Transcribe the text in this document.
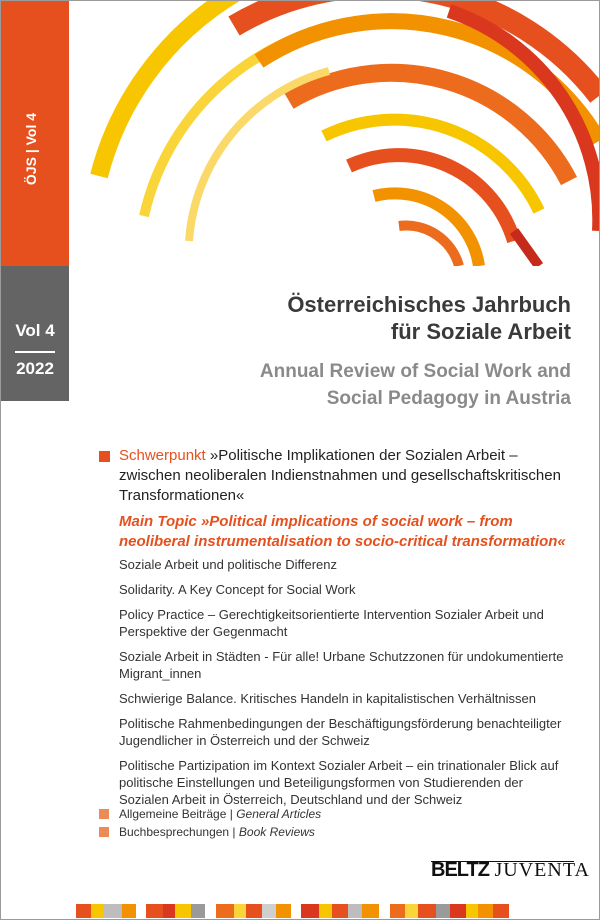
ÖJS | Vol 4
Vol 4
2022
Österreichisches Jahrbuch
für Soziale Arbeit
Annual Review of Social Work and
Social Pedagogy in Austria
Schwerpunkt »Politische Implikationen der Sozialen Arbeit – zwischen neoliberalen Indienstnahmen und gesellschaftskritischen Transformationen«
Main Topic »Political implications of social work – from neoliberal instrumentalisation to socio-critical transformation«
Soziale Arbeit und politische Differenz
Solidarity. A Key Concept for Social Work
Policy Practice – Gerechtigkeitsorientierte Intervention Sozialer Arbeit und Perspektive der Gegenmacht
Soziale Arbeit in Städten - Für alle! Urbane Schutzzonen für undokumentierte Migrant_innen
Schwierige Balance. Kritisches Handeln in kapitalistischen Verhältnissen
Politische Rahmenbedingungen der Beschäftigungsförderung benachteiligter Jugendlicher in Österreich und der Schweiz
Politische Partizipation im Kontext Sozialer Arbeit – ein trinationaler Blick auf politische Einstellungen und Beteiligungsformen von Studierenden der Sozialen Arbeit in Österreich, Deutschland und der Schweiz
Allgemeine Beiträge | General Articles
Buchbesprechungen | Book Reviews
BELTZ JUVENTA
